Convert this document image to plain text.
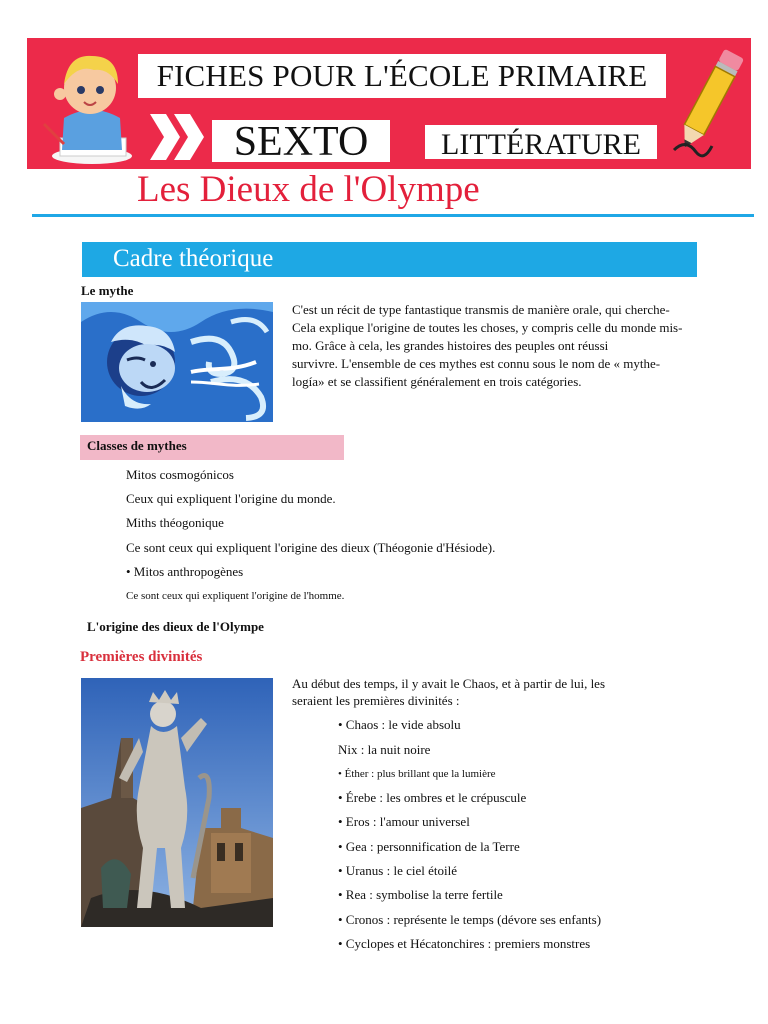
FICHES POUR L'ÉCOLE PRIMAIRE
SEXTO	LITTÉRATURE
Les Dieux de l'Olympe
Cadre théorique
Le mythe
C'est un récit de type fantastique transmis de manière orale, qui cherche-
Cela explique l'origine de toutes les choses, y compris celle du monde mis-
mo. Grâce à cela, les grandes histoires des peuples ont réussi
survivre. L'ensemble de ces mythes est connu sous le nom de « mythe-
logía» et se classifient généralement en trois catégories.
Classes de mythes
Mitos cosmogónicos
Ceux qui expliquent l'origine du monde.
Miths théogonique
Ce sont ceux qui expliquent l'origine des dieux (Théogonie d'Hésiode).
• Mitos anthropogènes
Ce sont ceux qui expliquent l'origine de l'homme.
L'origine des dieux de l'Olympe
Premières divinités
Au début des temps, il y avait le Chaos, et à partir de lui, les
seraient les premières divinités :
• Chaos : le vide absolu
Nix : la nuit noire
• Éther : plus brillant que la lumière
• Érebe : les ombres et le crépuscule
• Eros : l'amour universel
• Gea : personnification de la Terre
• Uranus : le ciel étoilé
• Rea : symbolise la terre fertile
• Cronos : représente le temps (dévore ses enfants)
• Cyclopes et Hécatonchires : premiers monstres
